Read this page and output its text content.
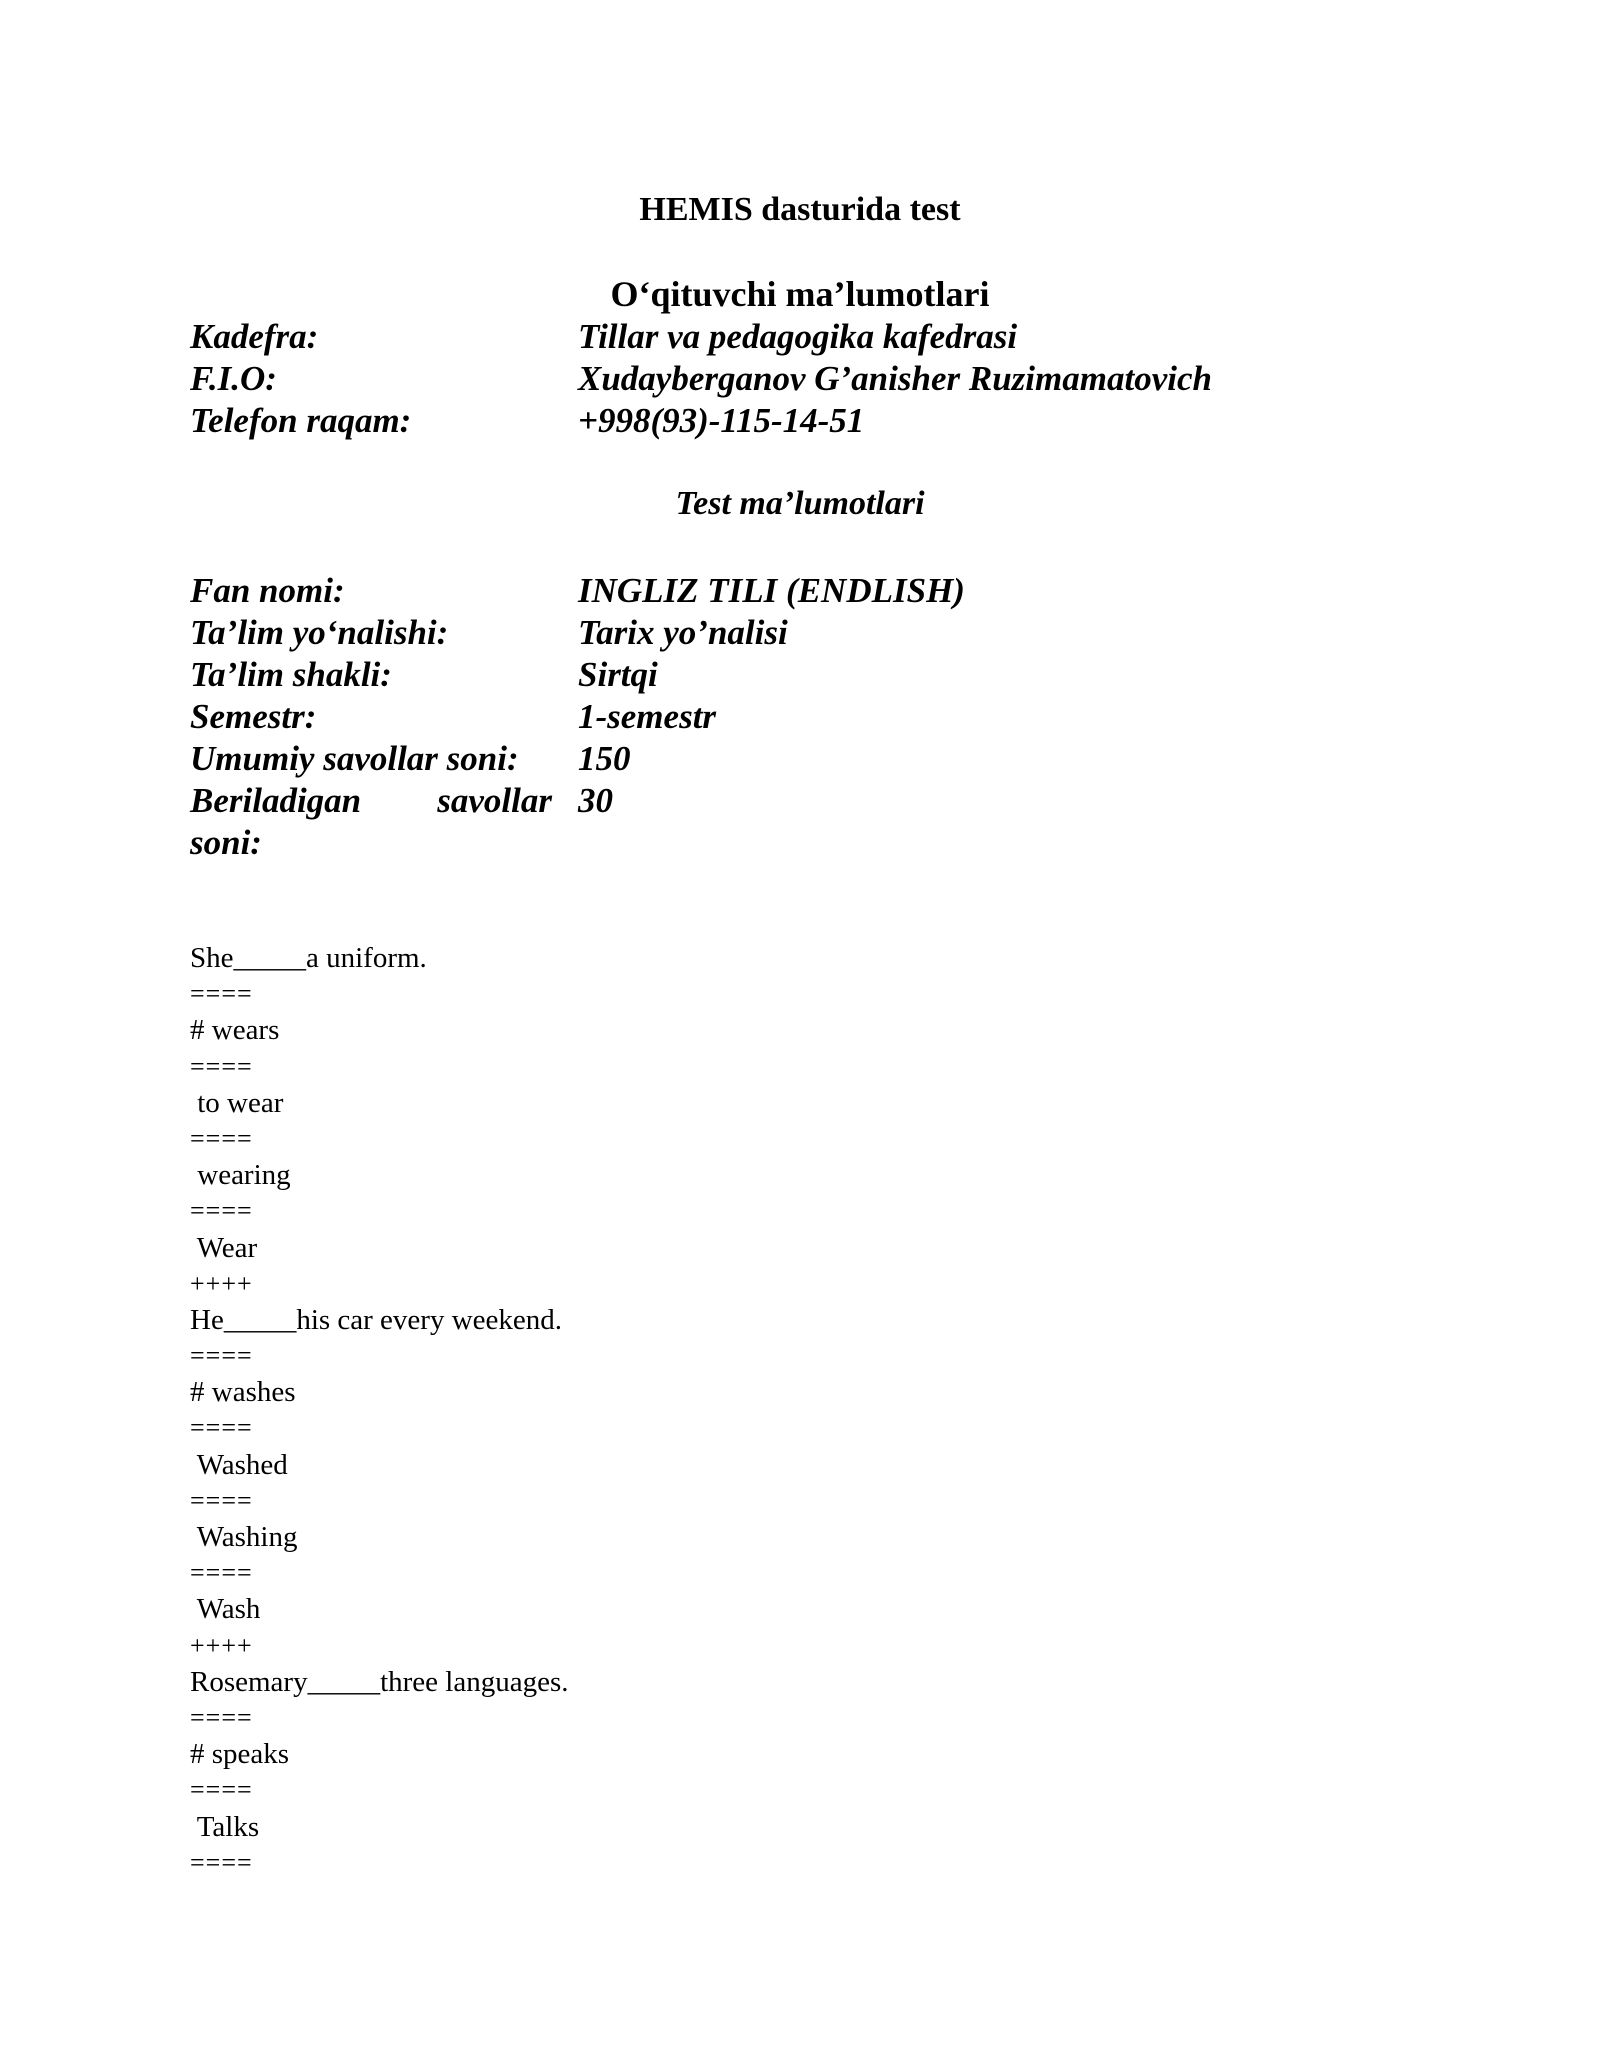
HEMIS dasturida test
O‘qituvchi ma’lumotlari
Kadefra:	Tillar va pedagogika kafedrasi
F.I.O:	Xudayberganov G’anisher Ruzimamatovich
Telefon raqam:	+998(93)-115-14-51
Test ma’lumotlari
Fan nomi:	INGLIZ TILI (ENDLISH)
Ta’lim yo‘nalishi:	Tarix yo’nalisi
Ta’lim shakli:	Sirtqi
Semestr:	1-semestr
Umumiy savollar soni: 150
Beriladigan savollar
soni:
30
She_____a uniform.
====
# wears
====
to wear
====
wearing
====
Wear
++++
He_____his car every weekend.
====
# washes
====
Washed
====
Washing
====
Wash
++++
Rosemary_____three languages.
====
# speaks
====
Talks
====
